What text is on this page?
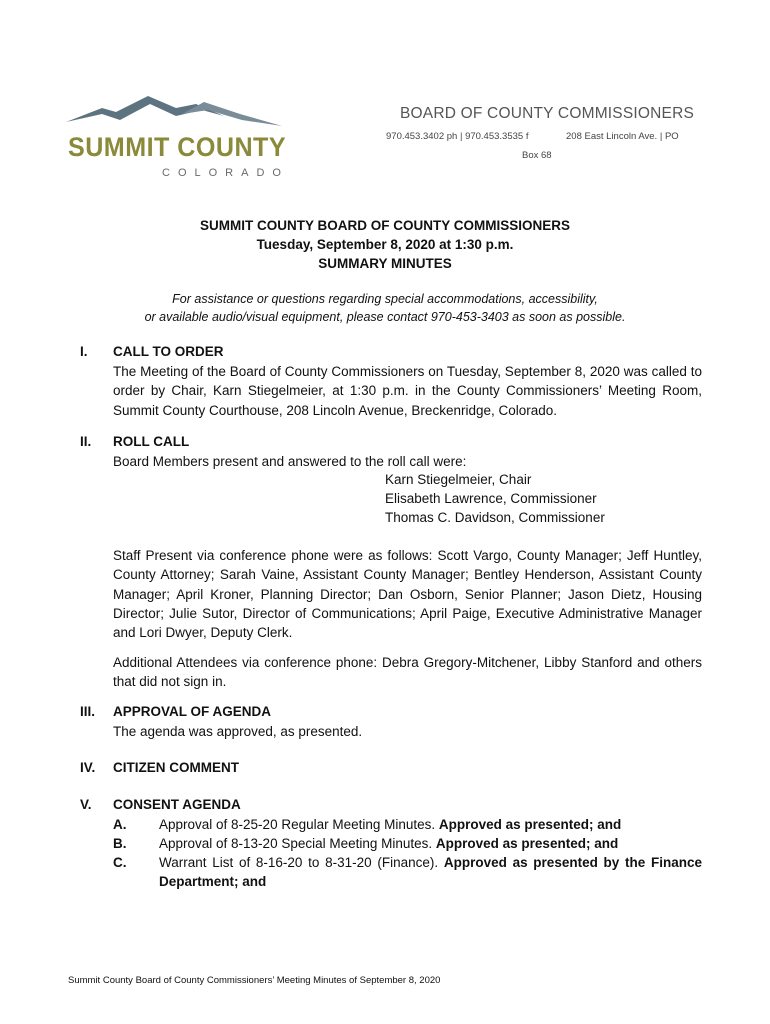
SUMMIT COUNTY
COLORADO
BOARD OF COUNTY COMMISSIONERS
970.453.3402 ph | 970.453.3535 f	208 East Lincoln Ave. | PO
Box 68
SUMMIT COUNTY BOARD OF COUNTY COMMISSIONERS
Tuesday, September 8, 2020 at 1:30 p.m.
SUMMARY MINUTES
For assistance or questions regarding special accommodations, accessibility,
or available audio/visual equipment, please contact 970-453-3403 as soon as possible.
I. CALL TO ORDER
The Meeting of the Board of County Commissioners on Tuesday, September 8, 2020 was called to order by Chair, Karn Stiegelmeier, at 1:30 p.m. in the County Commissioners’ Meeting Room, Summit County Courthouse, 208 Lincoln Avenue, Breckenridge, Colorado.
II. ROLL CALL
Board Members present and answered to the roll call were:
Karn Stiegelmeier, Chair
Elisabeth Lawrence, Commissioner
Thomas C. Davidson, Commissioner
Staff Present via conference phone were as follows: Scott Vargo, County Manager; Jeff Huntley, County Attorney; Sarah Vaine, Assistant County Manager; Bentley Henderson, Assistant County Manager; April Kroner, Planning Director; Dan Osborn, Senior Planner; Jason Dietz, Housing Director; Julie Sutor, Director of Communications; April Paige, Executive Administrative Manager and Lori Dwyer, Deputy Clerk.
Additional Attendees via conference phone: Debra Gregory-Mitchener, Libby Stanford and others that did not sign in.
III. APPROVAL OF AGENDA
The agenda was approved, as presented.
IV. CITIZEN COMMENT
V. CONSENT AGENDA
A. Approval of 8-25-20 Regular Meeting Minutes. Approved as presented; and
B. Approval of 8-13-20 Special Meeting Minutes. Approved as presented; and
C. Warrant List of 8-16-20 to 8-31-20 (Finance). Approved as presented by the Finance Department; and
Summit County Board of County Commissioners’ Meeting Minutes of September 8, 2020
